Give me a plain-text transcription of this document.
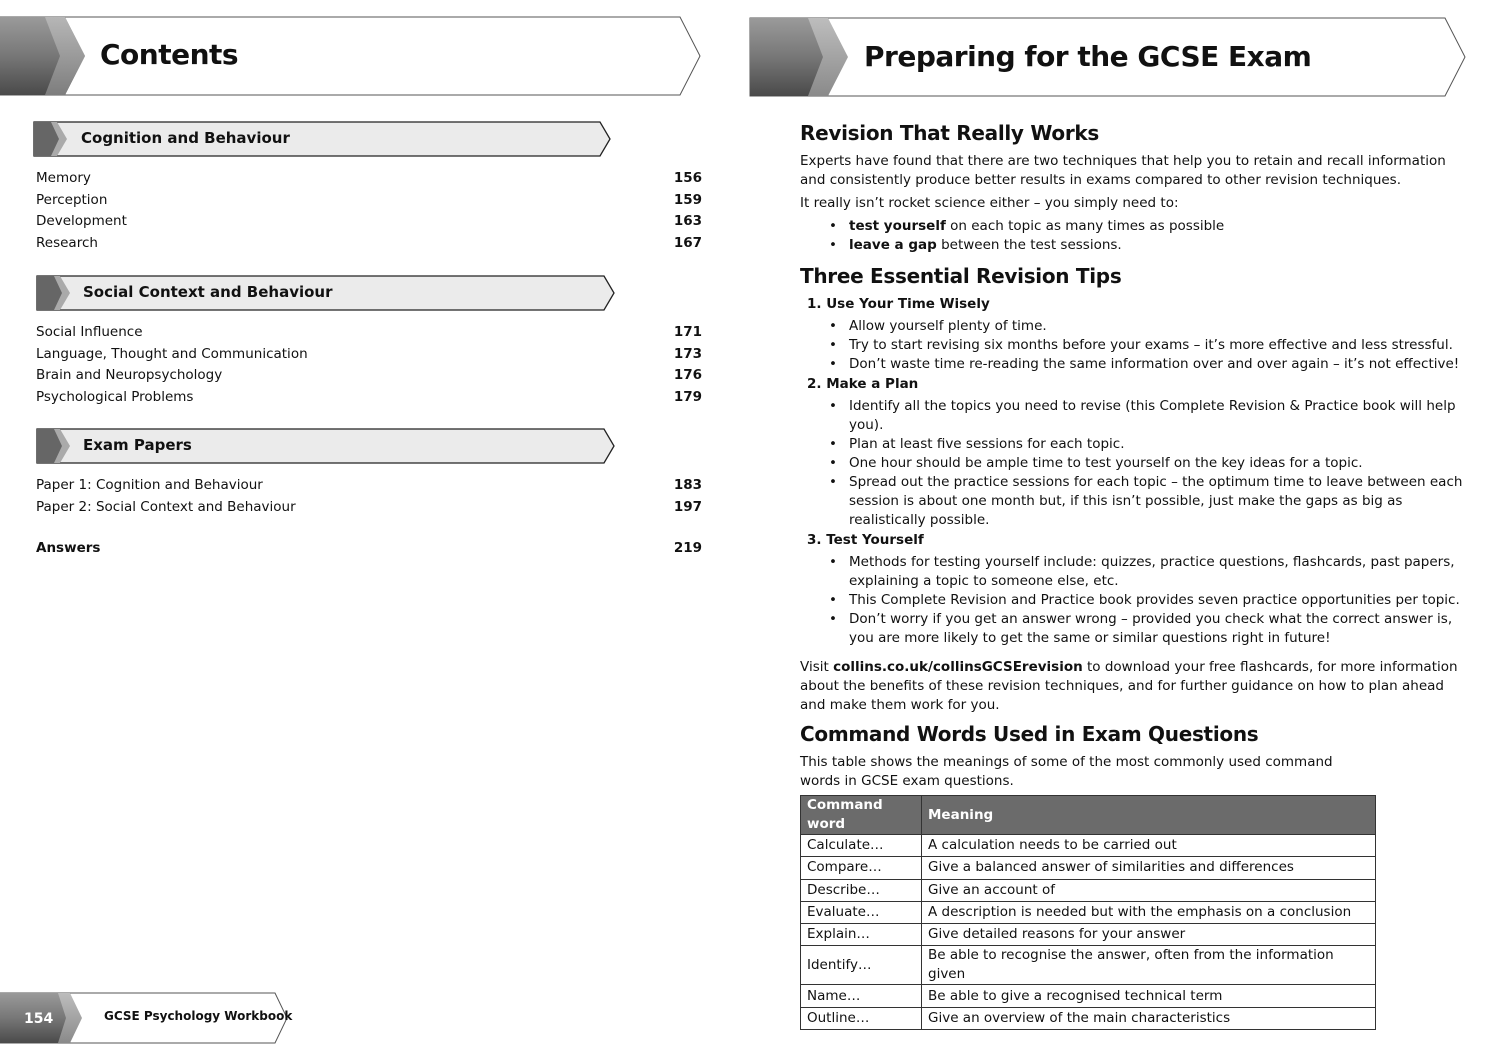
Contents	Preparing for the GCSE Exam
Cognition and Behaviour
Memory	156
Perception	159
Development	163
Research	167
Social Context and Behaviour
Social Influence	171
Language, Thought and Communication	173
Brain and Neuropsychology	176
Psychological Problems	179
Exam Papers
Paper 1: Cognition and Behaviour	183
Paper 2: Social Context and Behaviour	197
Answers	219
154	GCSE Psychology Workbook
Revision That Really Works

Experts have found that there are two techniques that help you to retain and recall information and consistently produce better results in exams compared to other revision techniques.

It really isn’t rocket science either – you simply need to:

• test yourself on each topic as many times as possible
• leave a gap between the test sessions.
Three Essential Revision Tips
1. Use Your Time Wisely
• Allow yourself plenty of time.
• Try to start revising six months before your exams – it’s more effective and less stressful.
• Don’t waste time re-reading the same information over and over again – it’s not effective!
2. Make a Plan
• Identify all the topics you need to revise (this Complete Revision & Practice book will help you).
• Plan at least five sessions for each topic.
• One hour should be ample time to test yourself on the key ideas for a topic.
• Spread out the practice sessions for each topic – the optimum time to leave between each session is about one month but, if this isn’t possible, just make the gaps as big as realistically possible.
3. Test Yourself
• Methods for testing yourself include: quizzes, practice questions, flashcards, past papers, explaining a topic to someone else, etc.
• This Complete Revision and Practice book provides seven practice opportunities per topic.
• Don’t worry if you get an answer wrong – provided you check what the correct answer is, you are more likely to get the same or similar questions right in future!

Visit collins.co.uk/collinsGCSErevision to download your free flashcards, for more information about the benefits of these revision techniques, and for further guidance on how to plan ahead and make them work for you.

Command Words Used in Exam Questions

This table shows the meanings of some of the most commonly used command words in GCSE exam questions.

Command word	Meaning
Calculate…	A calculation needs to be carried out
Compare…	Give a balanced answer of similarities and differences
Describe…	Give an account of
Evaluate…	A description is needed but with the emphasis on a conclusion
Explain…	Give detailed reasons for your answer
Identify…	Be able to recognise the answer, often from the information given
Name…	Be able to give a recognised technical term
Outline…	Give an overview of the main characteristics
